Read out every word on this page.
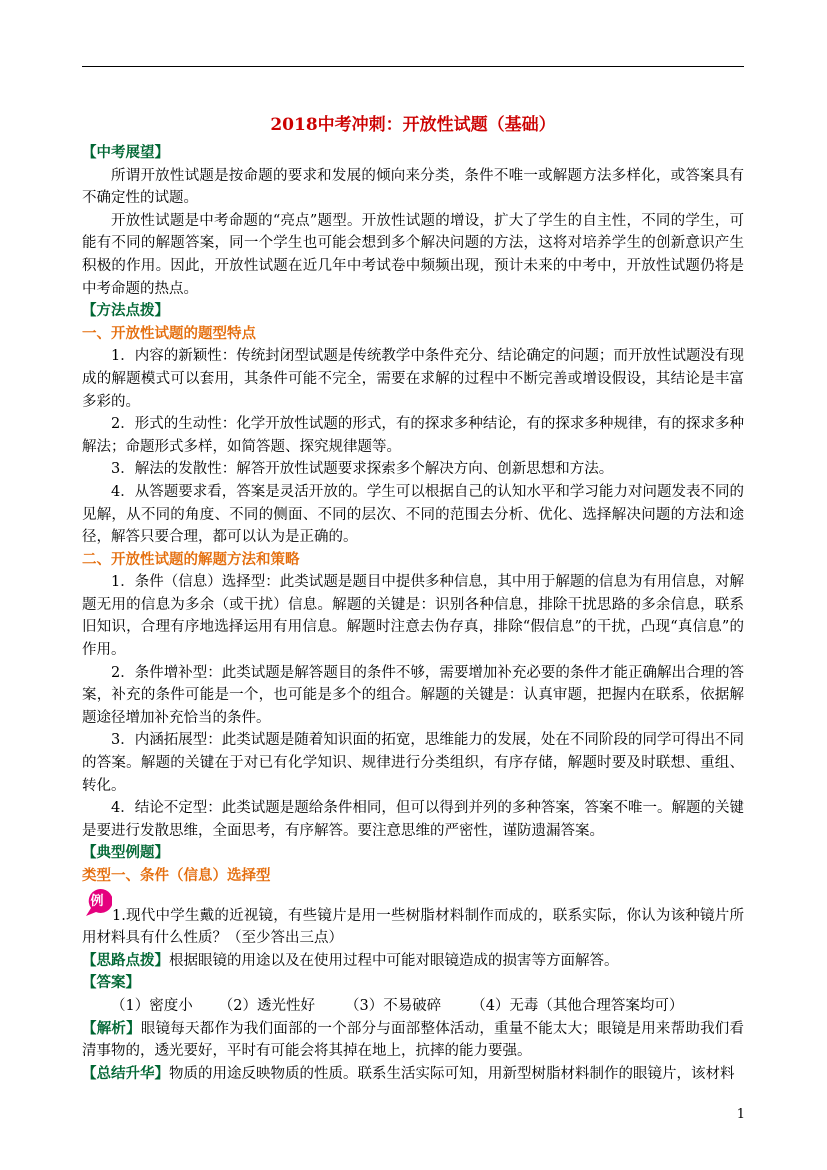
2018中考冲刺：开放性试题（基础）

【中考展望】

所谓开放性试题是按命题的要求和发展的倾向来分类，条件不唯一或解题方法多样化，或答案具有不确定性的试题。

开放性试题是中考命题的“亮点”题型。开放性试题的增设，扩大了学生的自主性，不同的学生，可能有不同的解题答案，同一个学生也可能会想到多个解决问题的方法，这将对培养学生的创新意识产生积极的作用。因此，开放性试题在近几年中考试卷中频频出现，预计未来的中考中，开放性试题仍将是中考命题的热点。

【方法点拨】

一、开放性试题的题型特点

1．内容的新颖性：传统封闭型试题是传统教学中条件充分、结论确定的问题；而开放性试题没有现成的解题模式可以套用，其条件可能不完全，需要在求解的过程中不断完善或增设假设，其结论是丰富多彩的。

2．形式的生动性：化学开放性试题的形式，有的探求多种结论，有的探求多种规律，有的探求多种解法；命题形式多样，如简答题、探究规律题等。

3．解法的发散性：解答开放性试题要求探索多个解决方向、创新思想和方法。

4．从答题要求看，答案是灵活开放的。学生可以根据自己的认知水平和学习能力对问题发表不同的见解，从不同的角度、不同的侧面、不同的层次、不同的范围去分析、优化、选择解决问题的方法和途径，解答只要合理，都可以认为是正确的。

二、开放性试题的解题方法和策略

1．条件（信息）选择型：此类试题是题目中提供多种信息，其中用于解题的信息为有用信息，对解题无用的信息为多余（或干扰）信息。解题的关键是：识别各种信息，排除干扰思路的多余信息，联系旧知识，合理有序地选择运用有用信息。解题时注意去伪存真，排除“假信息”的干扰，凸现“真信息”的作用。

2．条件增补型：此类试题是解答题目的条件不够，需要增加补充必要的条件才能正确解出合理的答案，补充的条件可能是一个，也可能是多个的组合。解题的关键是：认真审题，把握内在联系，依据解题途径增加补充恰当的条件。

3．内涵拓展型：此类试题是随着知识面的拓宽，思维能力的发展，处在不同阶段的同学可得出不同的答案。解题的关键在于对已有化学知识、规律进行分类组织，有序存储，解题时要及时联想、重组、转化。

4．结论不定型：此类试题是题给条件相同，但可以得到并列的多种答案，答案不唯一。解题的关键是要进行发散思维，全面思考，有序解答。要注意思维的严密性，谨防遗漏答案。

【典型例题】

类型一、条件（信息）选择型

例
1.现代中学生戴的近视镜，有些镜片是用一些树脂材料制作而成的，联系实际，你认为该种镜片所用材料具有什么性质？（至少答出三点）

【思路点拨】根据眼镜的用途以及在使用过程中可能对眼镜造成的损害等方面解答。

【答案】

（1）密度小 （2）透光性好 （3）不易破碎 （4）无毒（其他合理答案均可）

【解析】眼镜每天都作为我们面部的一个部分与面部整体活动，重量不能太大；眼镜是用来帮助我们看清事物的，透光要好，平时有可能会将其掉在地上，抗摔的能力要强。

【总结升华】物质的用途反映物质的性质。联系生活实际可知，用新型树脂材料制作的眼镜片，该材料

1
